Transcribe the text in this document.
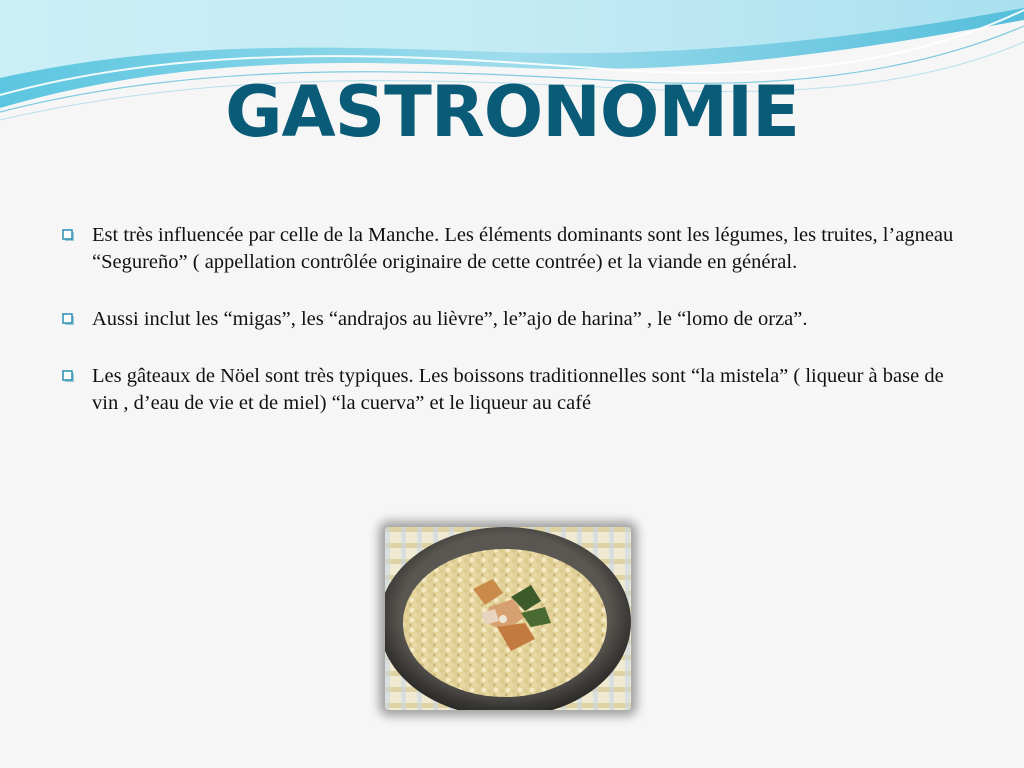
GASTRONOMIE
Est très influencée par celle de la Manche. Les éléments dominants sont les légumes, les truites, l’agneau “Segureño” ( appellation contrôlée originaire de cette contrée) et la viande en général.
Aussi inclut les “migas”, les “andrajos au lièvre”, le”ajo de harina” , le “lomo de orza”.
Les gâteaux de Nöel sont très typiques. Les boissons traditionnelles sont “la mistela” ( liqueur à base de vin , d’eau de vie et de miel) “la cuerva” et le liqueur au café
